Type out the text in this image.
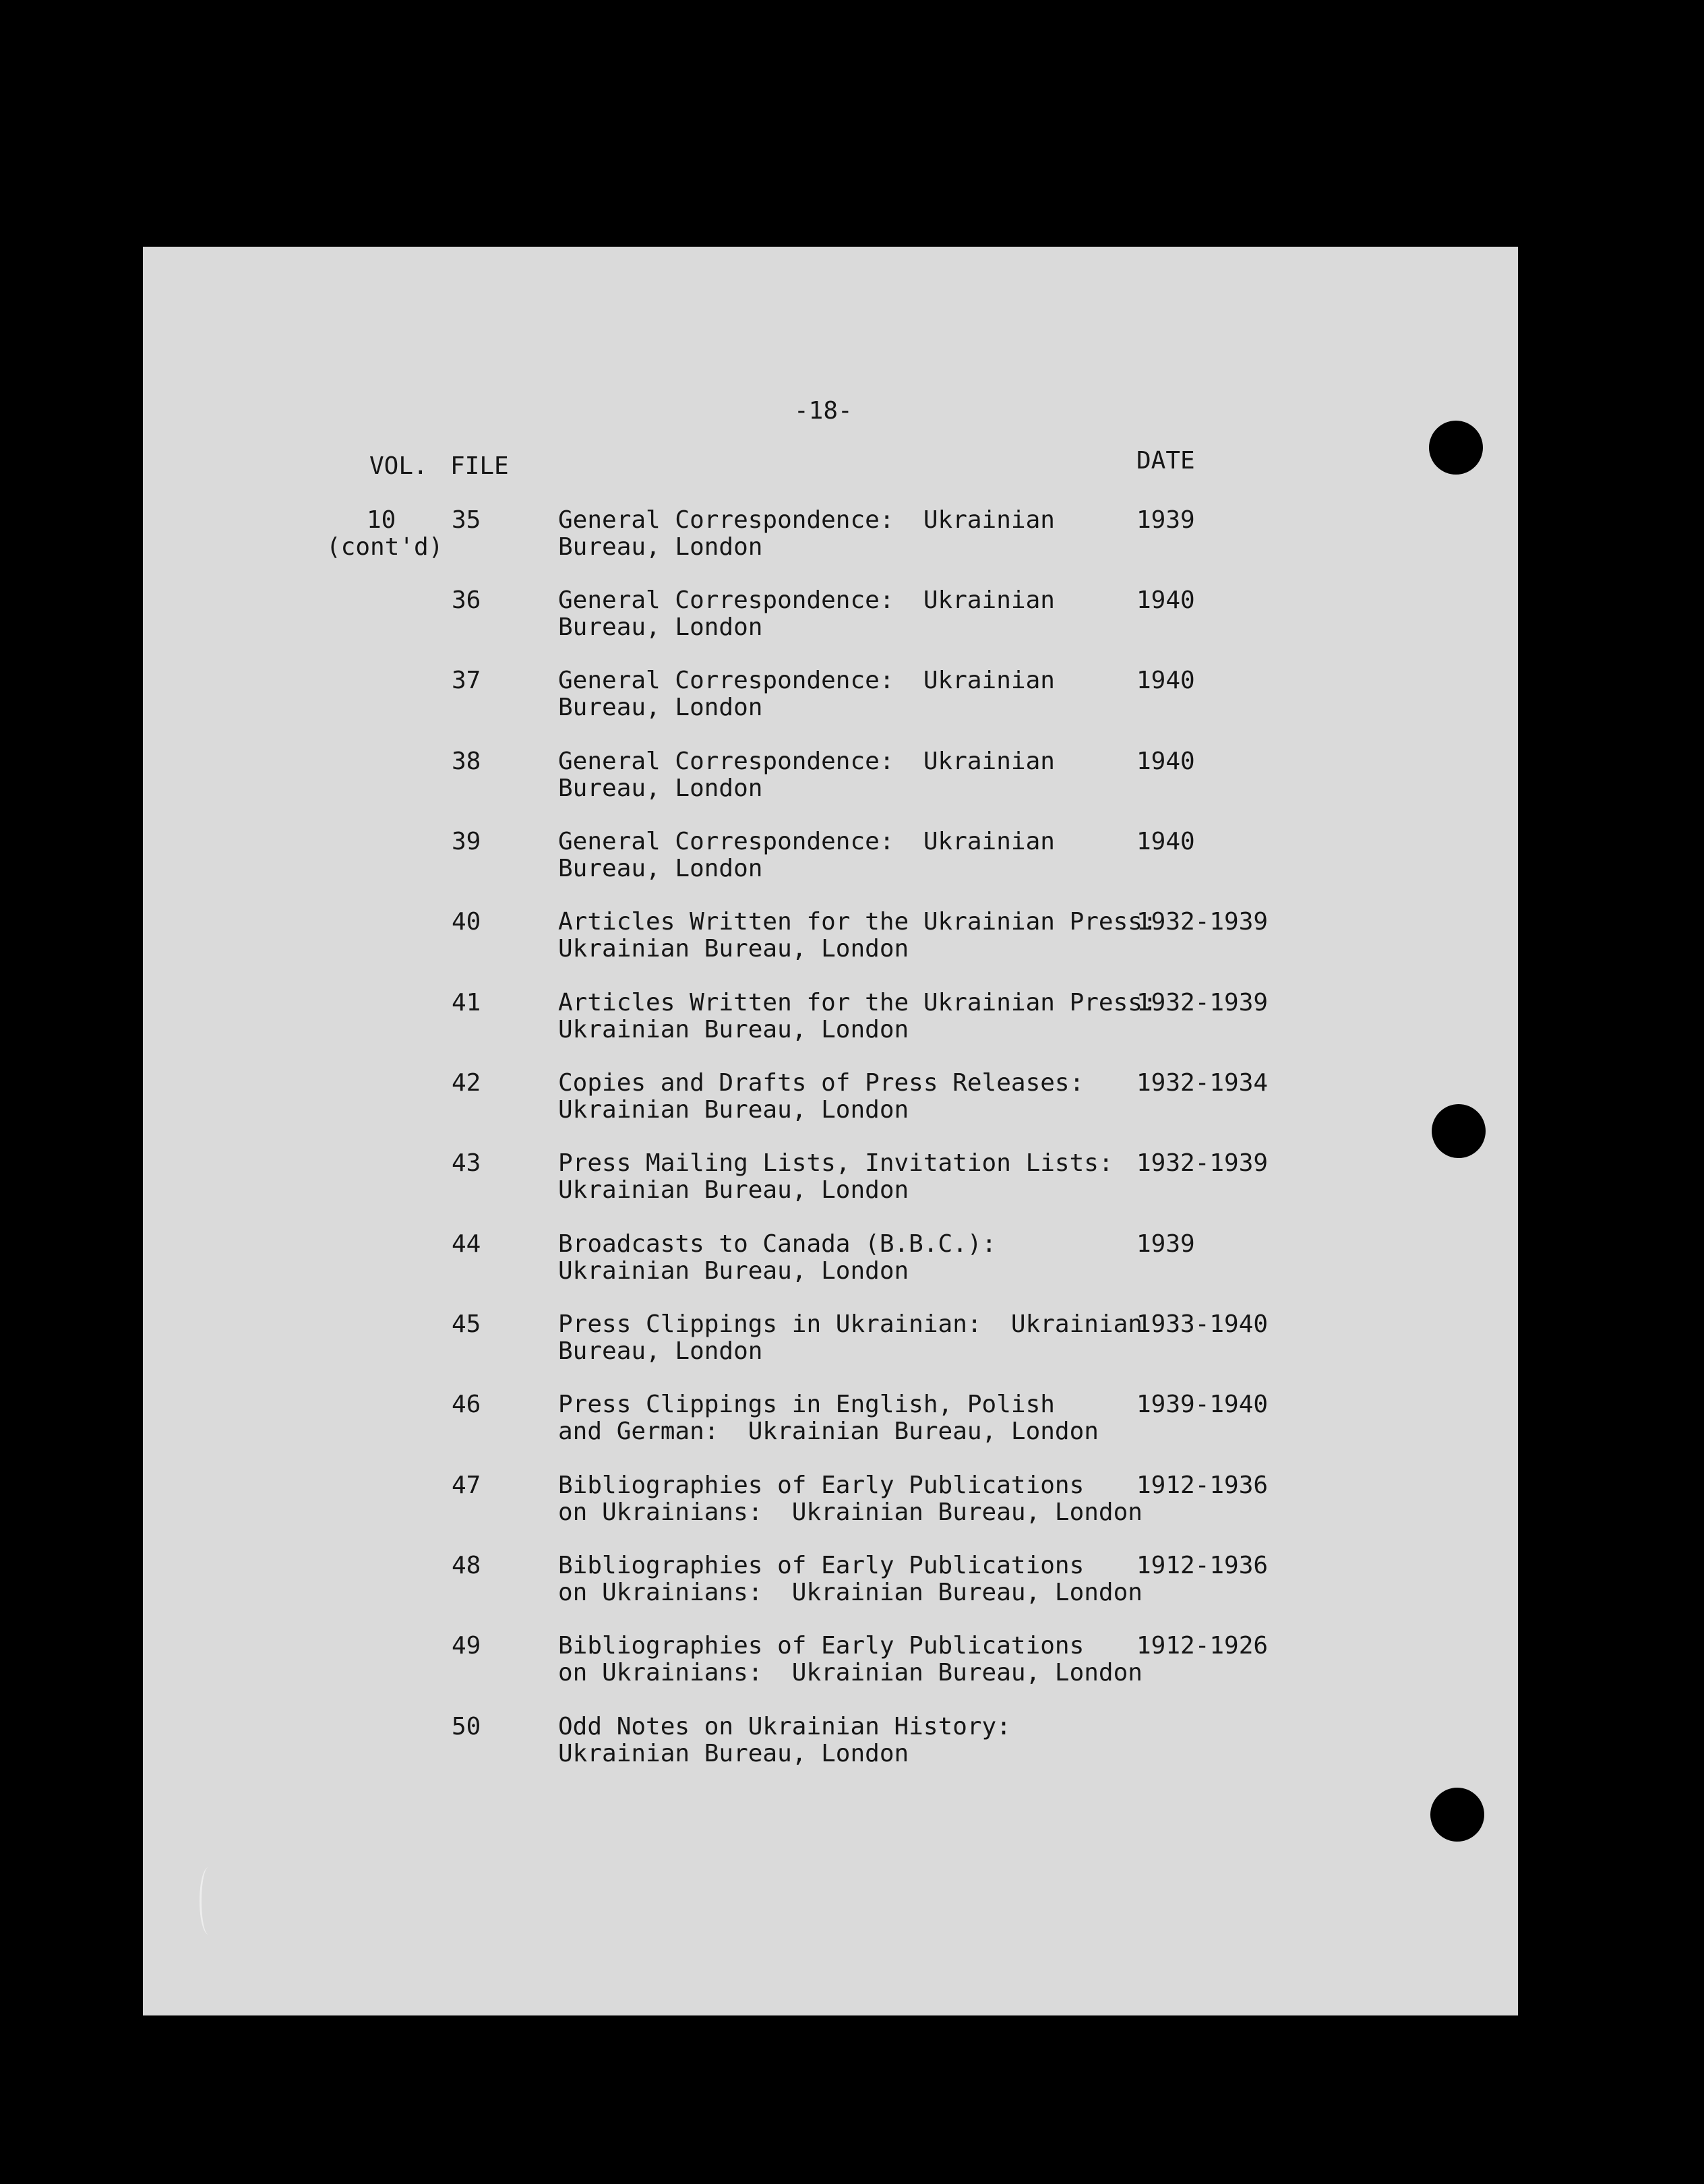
-18-
VOL. FILE	DATE
10
(cont'd)
35	General Correspondence:  Ukrainian
Bureau, London
1939
36	General Correspondence:  Ukrainian
Bureau, London
1940
37	General Correspondence:  Ukrainian
Bureau, London
1940
38	General Correspondence:  Ukrainian
Bureau, London
1940
39	General Correspondence:  Ukrainian
Bureau, London
1940
40	Articles Written for the Ukrainian Press:
Ukrainian Bureau, London
1932-1939
41	Articles Written for the Ukrainian Press:
Ukrainian Bureau, London
1932-1939
42	Copies and Drafts of Press Releases:
Ukrainian Bureau, London
1932-1934
43	Press Mailing Lists, Invitation Lists:
Ukrainian Bureau, London
1932-1939
44	Broadcasts to Canada (B.B.C.):
Ukrainian Bureau, London
1939
45	Press Clippings in Ukrainian:  Ukrainian
Bureau, London
1933-1940
46	Press Clippings in English, Polish
and German:  Ukrainian Bureau, London
1939-1940
47	Bibliographies of Early Publications
on Ukrainians:  Ukrainian Bureau, London
1912-1936
48	Bibliographies of Early Publications
on Ukrainians:  Ukrainian Bureau, London
1912-1936
49	Bibliographies of Early Publications
on Ukrainians:  Ukrainian Bureau, London
1912-1926
50	Odd Notes on Ukrainian History:
Ukrainian Bureau, London
